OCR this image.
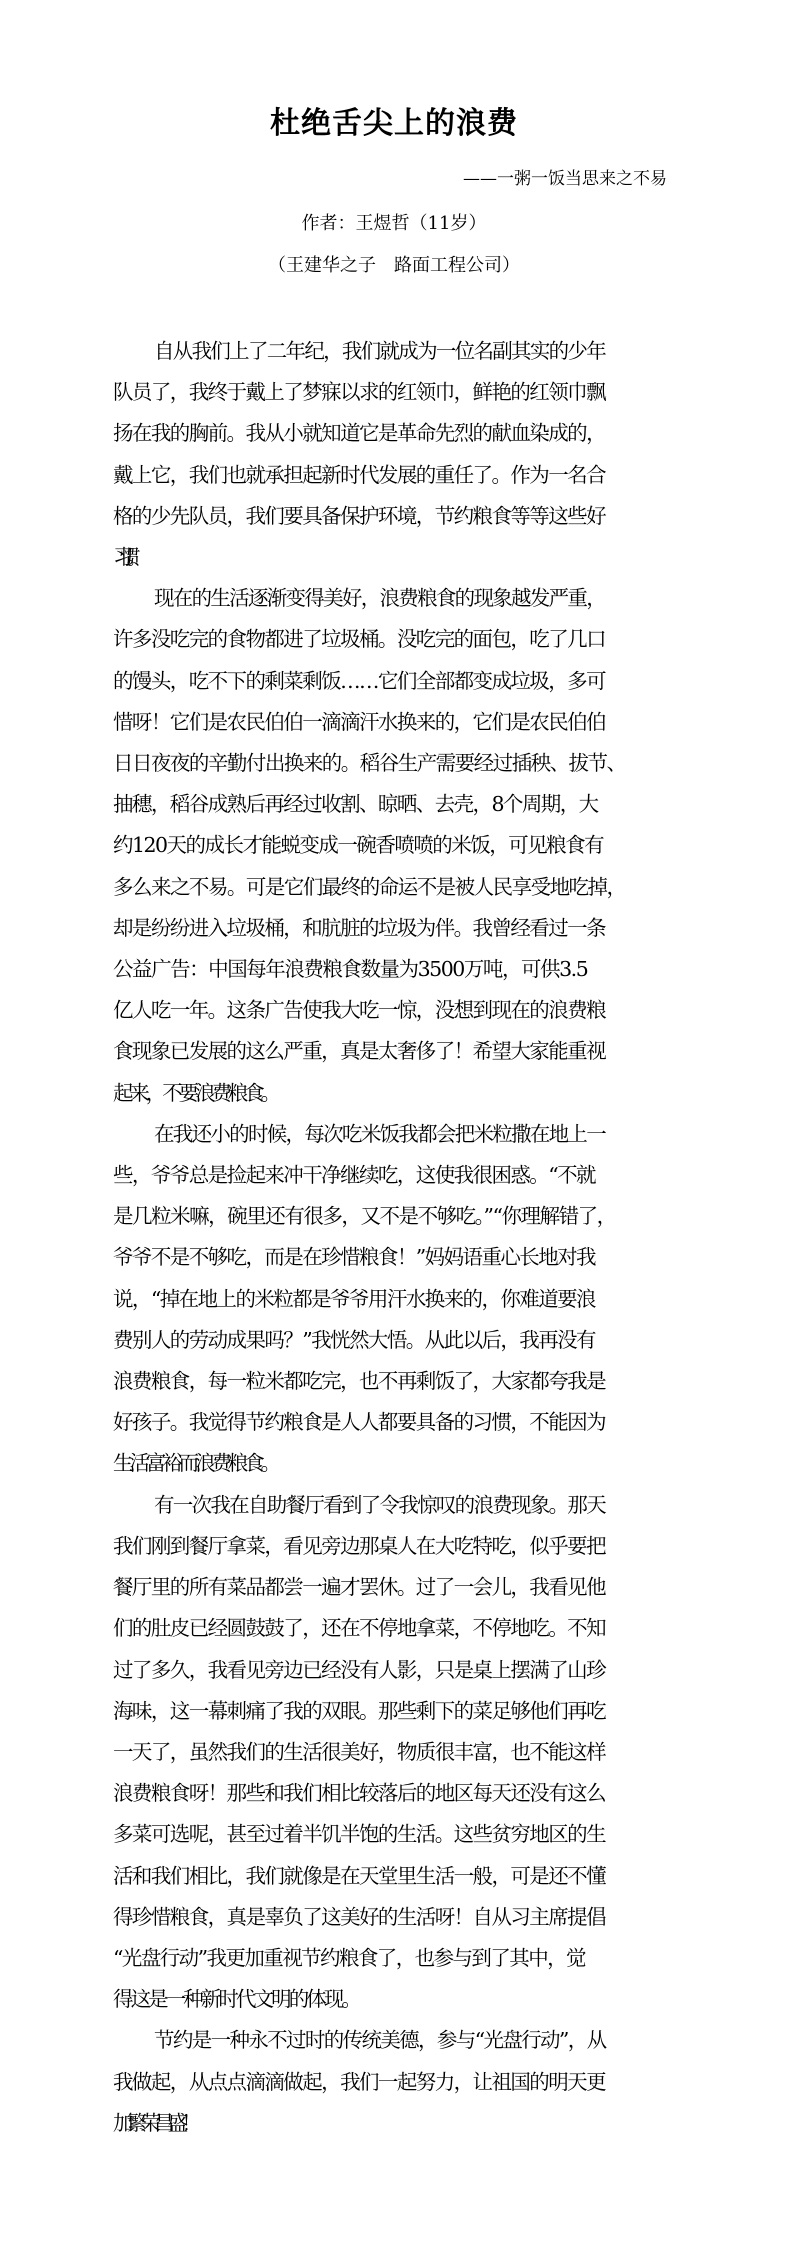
杜绝舌尖上的浪费
——一粥一饭当思来之不易
作者：王煜哲（11岁）
（王建华之子 路面工程公司）

自从我们上了二年纪，我们就成为一位名副其实的少年
队员了，我终于戴上了梦寐以求的红领巾，鲜艳的红领巾飘
扬在我的胸前。我从小就知道它是革命先烈的献血染成的，
戴上它，我们也就承担起新时代发展的重任了。作为一名合
格的少先队员，我们要具备保护环境，节约粮食等等这些好
习惯。

现在的生活逐渐变得美好，浪费粮食的现象越发严重，
许多没吃完的食物都进了垃圾桶。没吃完的面包，吃了几口
的馒头，吃不下的剩菜剩饭……它们全部都变成垃圾，多可
惜呀！它们是农民伯伯一滴滴汗水换来的，它们是农民伯伯
日日夜夜的辛勤付出换来的。稻谷生产需要经过插秧、拔节、
抽穗，稻谷成熟后再经过收割、晾晒、去壳，8个周期，大
约120天的成长才能蜕变成一碗香喷喷的米饭，可见粮食有
多么来之不易。可是它们最终的命运不是被人民享受地吃掉，
却是纷纷进入垃圾桶，和肮脏的垃圾为伴。我曾经看过一条
公益广告：中国每年浪费粮食数量为3500万吨，可供3.5
亿人吃一年。这条广告使我大吃一惊，没想到现在的浪费粮
食现象已发展的这么严重，真是太奢侈了！希望大家能重视
起来，不要浪费粮食。

在我还小的时候，每次吃米饭我都会把米粒撒在地上一
些，爷爷总是捡起来冲干净继续吃，这使我很困惑。“不就
是几粒米嘛，碗里还有很多，又不是不够吃。”“你理解错了，
爷爷不是不够吃，而是在珍惜粮食！”妈妈语重心长地对我
说，“掉在地上的米粒都是爷爷用汗水换来的，你难道要浪
费别人的劳动成果吗？”我恍然大悟。从此以后，我再没有
浪费粮食，每一粒米都吃完，也不再剩饭了，大家都夸我是
好孩子。我觉得节约粮食是人人都要具备的习惯，不能因为
生活富裕而浪费粮食。

有一次我在自助餐厅看到了令我惊叹的浪费现象。那天
我们刚到餐厅拿菜，看见旁边那桌人在大吃特吃，似乎要把
餐厅里的所有菜品都尝一遍才罢休。过了一会儿，我看见他
们的肚皮已经圆鼓鼓了，还在不停地拿菜，不停地吃。不知
过了多久，我看见旁边已经没有人影，只是桌上摆满了山珍
海味，这一幕刺痛了我的双眼。那些剩下的菜足够他们再吃
一天了，虽然我们的生活很美好，物质很丰富，也不能这样
浪费粮食呀！那些和我们相比较落后的地区每天还没有这么
多菜可选呢，甚至过着半饥半饱的生活。这些贫穷地区的生
活和我们相比，我们就像是在天堂里生活一般，可是还不懂
得珍惜粮食，真是辜负了这美好的生活呀！自从习主席提倡
“光盘行动”我更加重视节约粮食了，也参与到了其中，觉
得这是一种新时代文明的体现。

节约是一种永不过时的传统美德，参与“光盘行动”，从
我做起，从点点滴滴做起，我们一起努力，让祖国的明天更
加繁荣昌盛！
